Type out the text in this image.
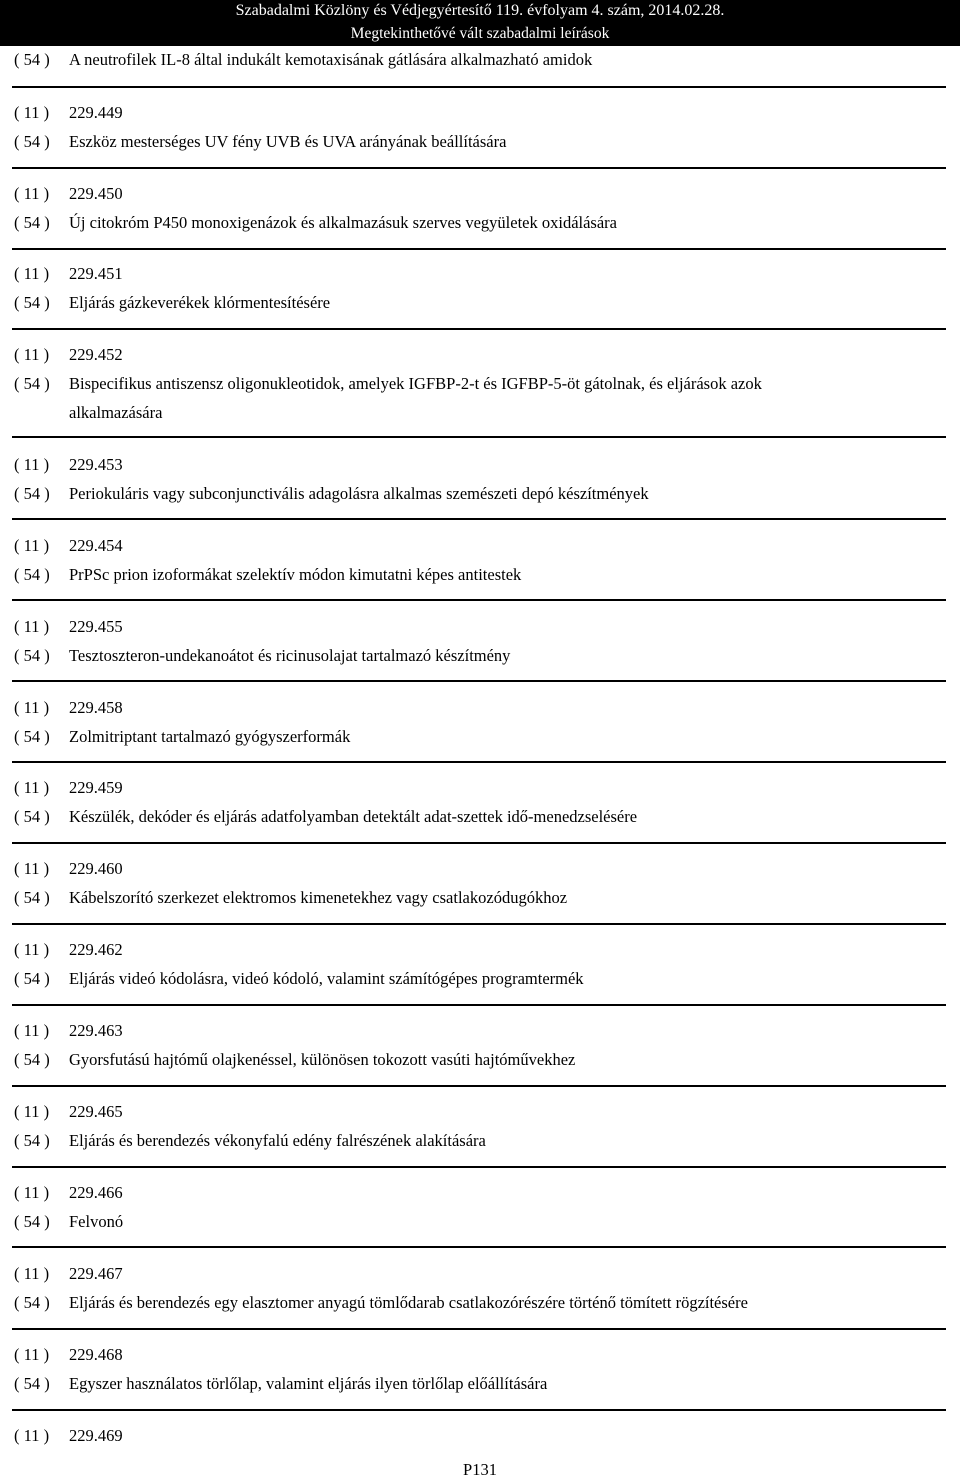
Szabadalmi Közlöny és Védjegyértesítő 119. évfolyam 4. szám, 2014.02.28.
Megtekinthetővé vált szabadalmi leírások
( 54 ) A neutrofilek IL-8 által indukált kemotaxisának gátlására alkalmazható amidok
( 11 ) 229.449
( 54 ) Eszköz mesterséges UV fény UVB és UVA arányának beállítására
( 11 ) 229.450
( 54 ) Új citokróm P450 monoxigenázok és alkalmazásuk szerves vegyületek oxidálására
( 11 ) 229.451
( 54 ) Eljárás gázkeverékek klórmentesítésére
( 11 ) 229.452
( 54 ) Bispecifikus antiszensz oligonukleotidok, amelyek IGFBP-2-t és IGFBP-5-öt gátolnak, és eljárások azok
alkalmazására
( 11 ) 229.453
( 54 ) Periokuláris vagy subconjunctivális adagolásra alkalmas szemészeti depó készítmények
( 11 ) 229.454
( 54 ) PrPSc prion izoformákat szelektív módon kimutatni képes antitestek
( 11 ) 229.455
( 54 ) Tesztoszteron-undekanoátot és ricinusolajat tartalmazó készítmény
( 11 ) 229.458
( 54 ) Zolmitriptant tartalmazó gyógyszerformák
( 11 ) 229.459
( 54 ) Készülék, dekóder és eljárás adatfolyamban detektált adat-szettek idő-menedzselésére
( 11 ) 229.460
( 54 ) Kábelszorító szerkezet elektromos kimenetekhez vagy csatlakozódugókhoz
( 11 ) 229.462
( 54 ) Eljárás videó kódolásra, videó kódoló, valamint számítógépes programtermék
( 11 ) 229.463
( 54 ) Gyorsfutású hajtómű olajkenéssel, különösen tokozott vasúti hajtóművekhez
( 11 ) 229.465
( 54 ) Eljárás és berendezés vékonyfalú edény falrészének alakítására
( 11 ) 229.466
( 54 ) Felvonó
( 11 ) 229.467
( 54 ) Eljárás és berendezés egy elasztomer anyagú tömlődarab csatlakozórészére történő tömített rögzítésére
( 11 ) 229.468
( 54 ) Egyszer használatos törlőlap, valamint eljárás ilyen törlőlap előállítására
( 11 ) 229.469
P131
